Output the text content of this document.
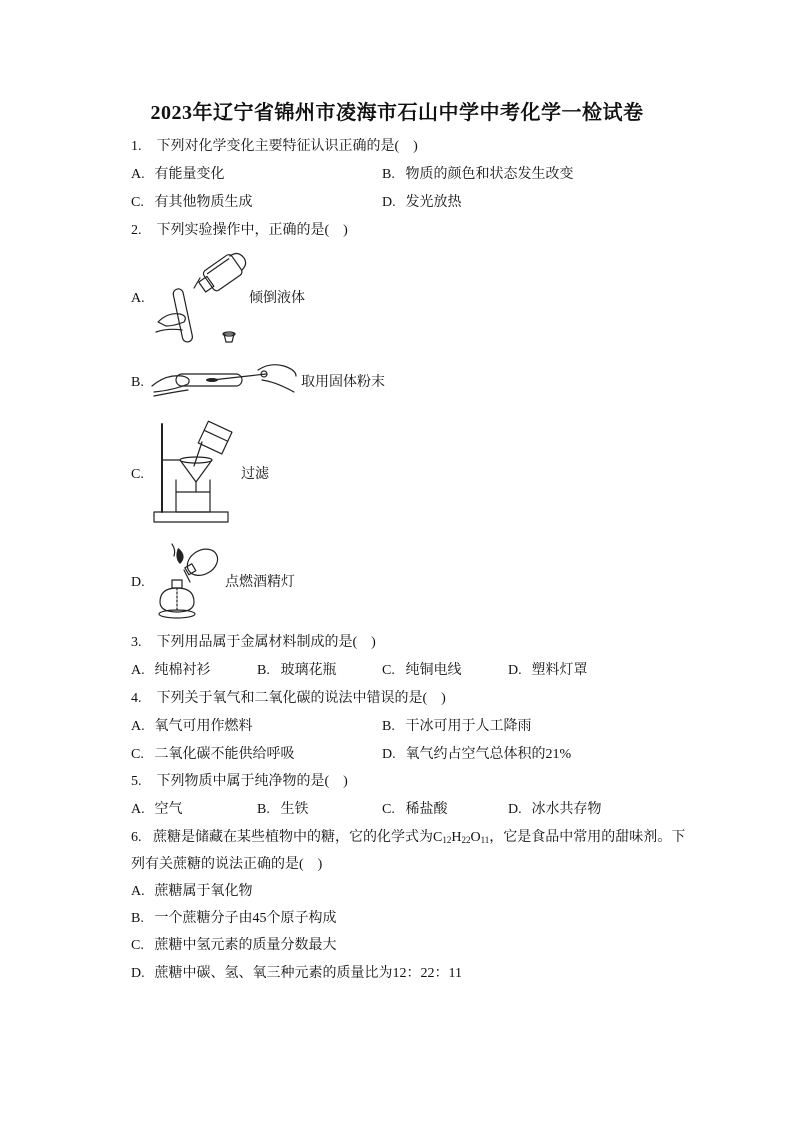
2023年辽宁省锦州市凌海市石山中学中考化学一检试卷
1. 下列对化学变化主要特征认识正确的是(　)
A. 有能量变化	B. 物质的颜色和状态发生改变
C. 有其他物质生成	D. 发光放热
2. 下列实验操作中，正确的是(　)
A.	倾倒液体
B.	取用固体粉末
C.	过滤
D.	点燃酒精灯
3. 下列用品属于金属材料制成的是(　)
A. 纯棉衬衫	B. 玻璃花瓶	C. 纯铜电线	D. 塑料灯罩
4. 下列关于氧气和二氧化碳的说法中错误的是(　)
A. 氧气可用作燃料	B. 干冰可用于人工降雨
C. 二氧化碳不能供给呼吸	D. 氧气约占空气总体积的21%
5. 下列物质中属于纯净物的是(　)
A. 空气	B. 生铁	C. 稀盐酸	D. 冰水共存物
6. 蔗糖是储藏在某些植物中的糖，它的化学式为$C_{12}H_{22}O_{11}$，它是食品中常用的甜味剂。下
列有关蔗糖的说法正确的是(　)
A. 蔗糖属于氧化物
B. 一个蔗糖分子由45个原子构成
C. 蔗糖中氢元素的质量分数最大
D. 蔗糖中碳、氢、氧三种元素的质量比为12：22：11
